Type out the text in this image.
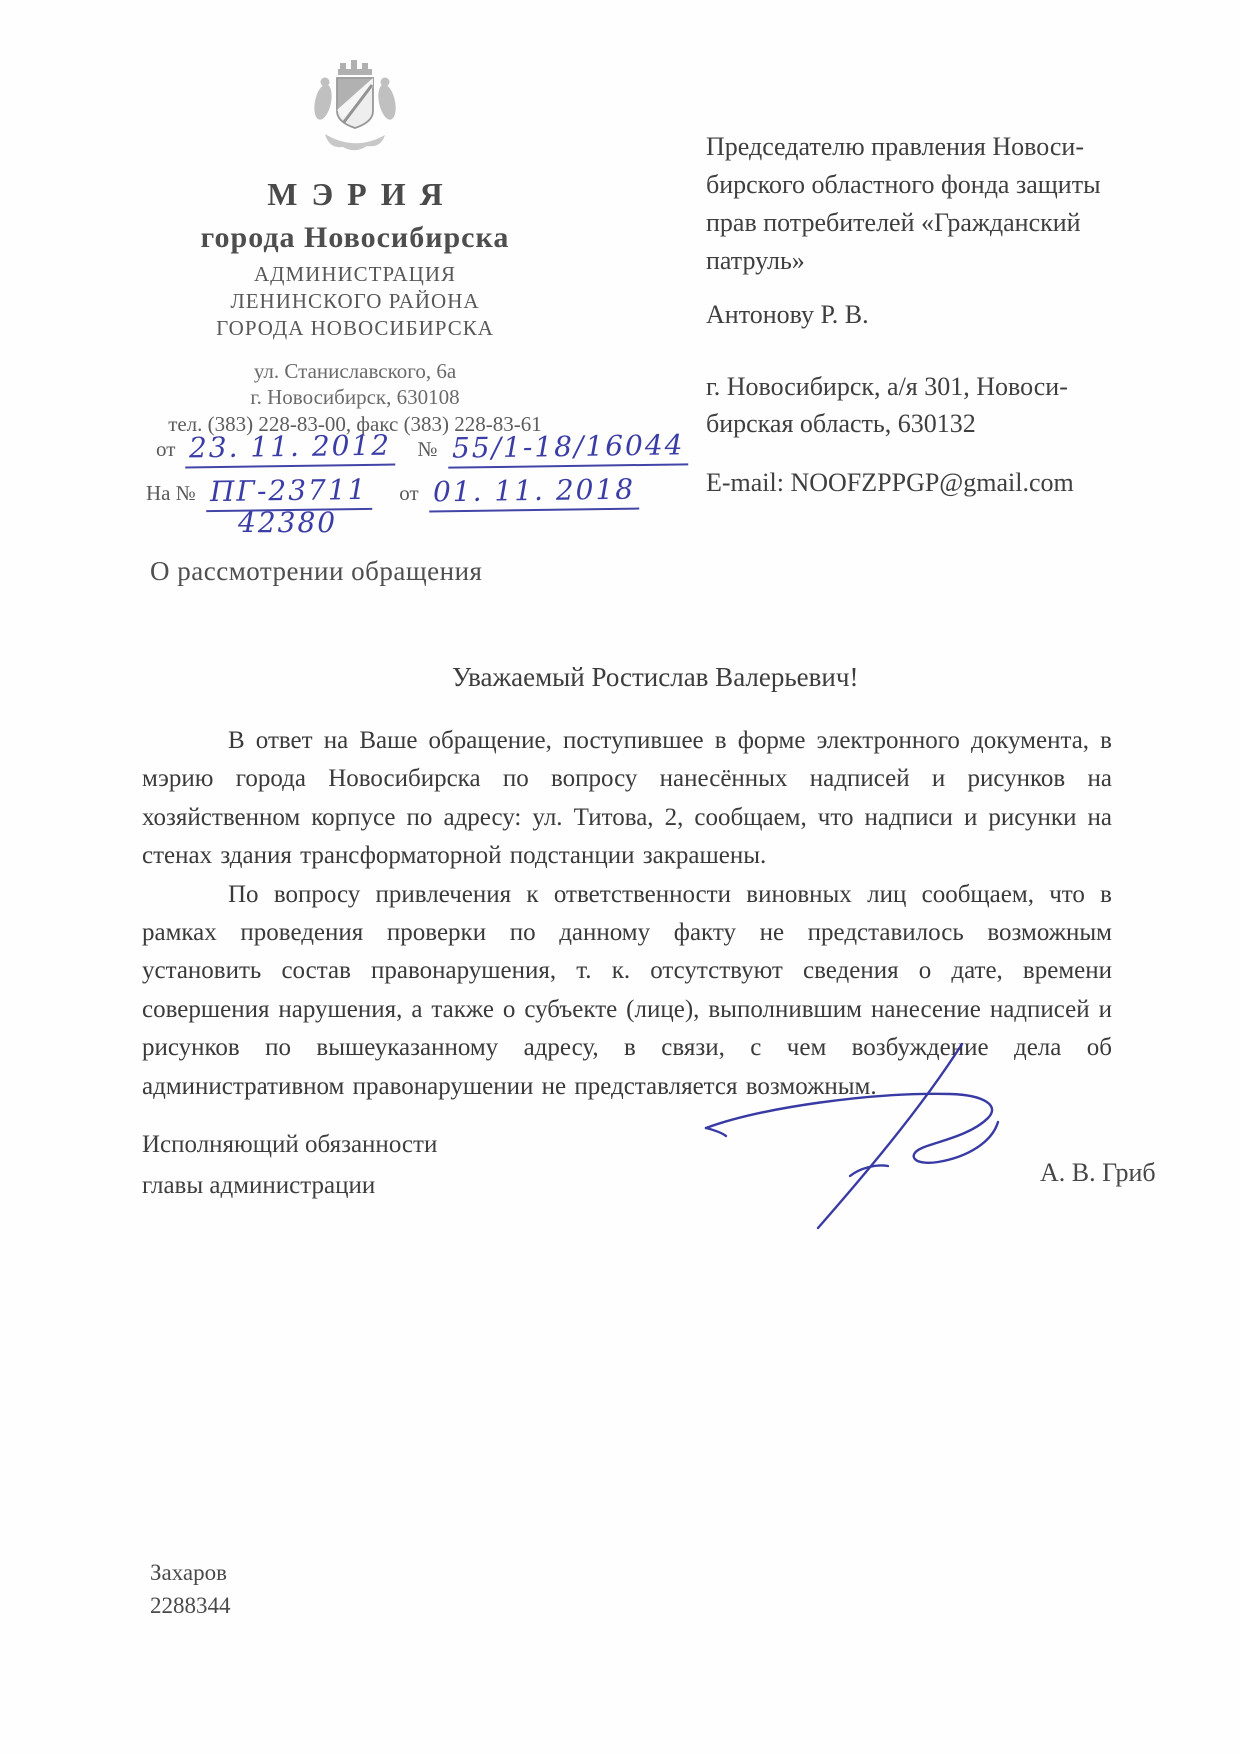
МЭРИЯ
города Новосибирска
АДМИНИСТРАЦИЯ
ЛЕНИНСКОГО РАЙОНА
ГОРОДА НОВОСИБИРСКА
ул. Станиславского, 6а
г. Новосибирск, 630108
тел. (383) 228-83-00, факс (383) 228-83-61
от 23. 11. 2012 № 55/1-18/16044
На № ПГ-23711 от 01. 11. 2018
42380
Председателю правления Новоси-
бирского областного фонда защиты
прав потребителей «Гражданский
патруль»
Антонову Р. В.
г. Новосибирск, а/я 301, Новоси-
бирская область, 630132
E-mail: NOOFZPPGP@gmail.com
О рассмотрении обращения
Уважаемый Ростислав Валерьевич!

В ответ на Ваше обращение, поступившее в форме электронного документа, в мэрию города Новосибирска по вопросу нанесённых надписей и рисунков на хозяйственном корпусе по адресу: ул. Титова, 2, сообщаем, что надписи и рисунки на стенах здания трансформаторной подстанции закрашены.

По вопросу привлечения к ответственности виновных лиц сообщаем, что в рамках проведения проверки по данному факту не представилось возможным установить состав правонарушения, т. к. отсутствуют сведения о дате, времени совершения нарушения, а также о субъекте (лице), выполнившим нанесение надписей и рисунков по вышеуказанному адресу, в связи, с чем возбуждение дела об административном правонарушении не представляется возможным.

Исполняющий обязанности
главы администрации	А. В. Гриб
Захаров
2288344
